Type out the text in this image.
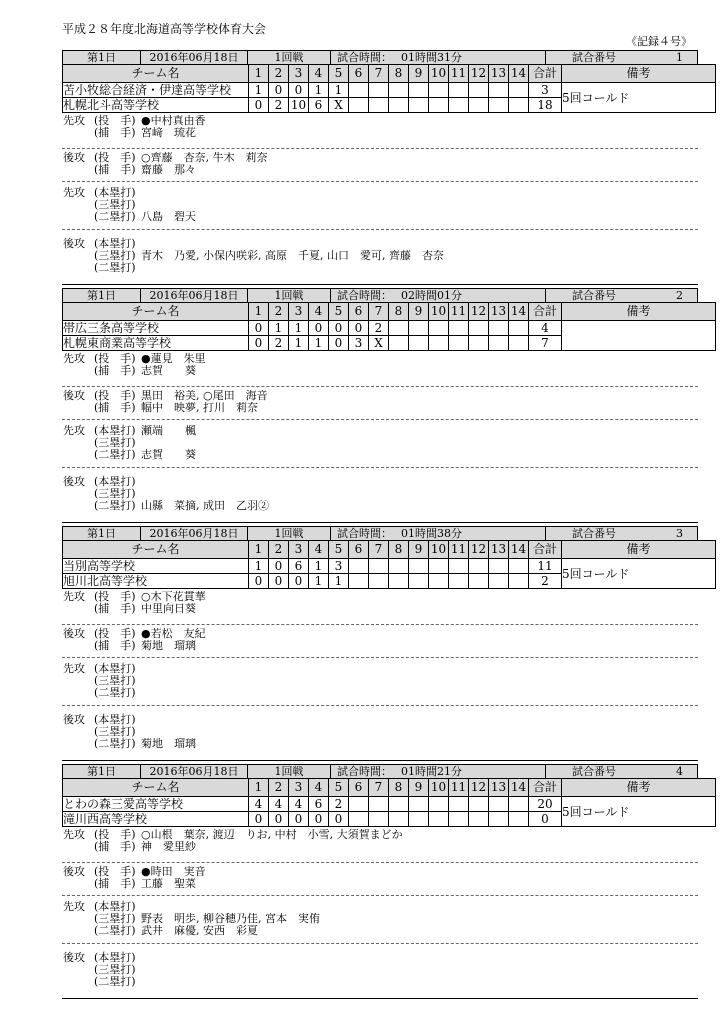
平成２８年度北海道高等学校体育大会
《記録４号》
第1日	2016年06月18日	1回戦	試合時間： 01時間31分	試合番号	1
チーム名	1	2	3	4	5	6	7	8	9	10	11	12	13	14	合計	備考
苫小牧総合経済・伊達高等学校	1	0	0	1	1										3	5回コールド
札幌北斗高等学校	0	2	10	6	X										18	
先攻 (投　手) ●中村真由香
(捕　手) 宮﨑　琉花
後攻 (投　手) ○齊藤　杏奈, 牛木　莉奈
(捕　手) 齋藤　那々
先攻 (本塁打)
(三塁打)
(二塁打) 八島　碧天
後攻 (本塁打)
(三塁打) 青木　乃愛, 小保内咲彩, 高原　千夏, 山口　愛可, 齊藤　杏奈
(二塁打)
第1日	2016年06月18日	1回戦	試合時間： 02時間01分	試合番号	2
チーム名	1	2	3	4	5	6	7	8	9	10	11	12	13	14	合計	備考
帯広三条高等学校	0	1	1	0	0	0	2								4	
札幌東商業高等学校	0	2	1	1	0	3	X								7	
先攻 (投　手) ●蓮見　朱里
(捕　手) 志賀　　葵
後攻 (投　手) 黒田　裕美, ○尾田　海音
(捕　手) 幅中　映夢, 打川　莉奈
先攻 (本塁打) 瀬端　　楓
(三塁打)
(二塁打) 志賀　　葵
後攻 (本塁打)
(三塁打)
(二塁打) 山縣　菜摘, 成田　乙羽②
第1日	2016年06月18日	1回戦	試合時間： 01時間38分	試合番号	3
チーム名	1	2	3	4	5	6	7	8	9	10	11	12	13	14	合計	備考
当別高等学校	1	0	6	1	3										11	5回コールド
旭川北高等学校	0	0	0	1	1										2	
先攻 (投　手) ○木下花貫華
(捕　手) 中里向日葵
後攻 (投　手) ●若松　友紀
(捕　手) 菊地　瑠璃
先攻 (本塁打)
(三塁打)
(二塁打)
後攻 (本塁打)
(三塁打)
(二塁打) 菊地　瑠璃
第1日	2016年06月18日	1回戦	試合時間： 01時間21分	試合番号	4
チーム名	1	2	3	4	5	6	7	8	9	10	11	12	13	14	合計	備考
とわの森三愛高等学校	4	4	4	6	2										20	5回コールド
滝川西高等学校	0	0	0	0	0										0	
先攻 (投　手) ○山根　葉奈, 渡辺　りお, 中村　小雪, 大須賀まどか
(捕　手) 神　愛里紗
後攻 (投　手) ●時田　実音
(捕　手) 工藤　聖菜
先攻 (本塁打)
(三塁打) 野表　明歩, 柳谷穂乃佳, 宮本　実侑
(二塁打) 武井　麻優, 安西　彩夏
後攻 (本塁打)
(三塁打)
(二塁打)
